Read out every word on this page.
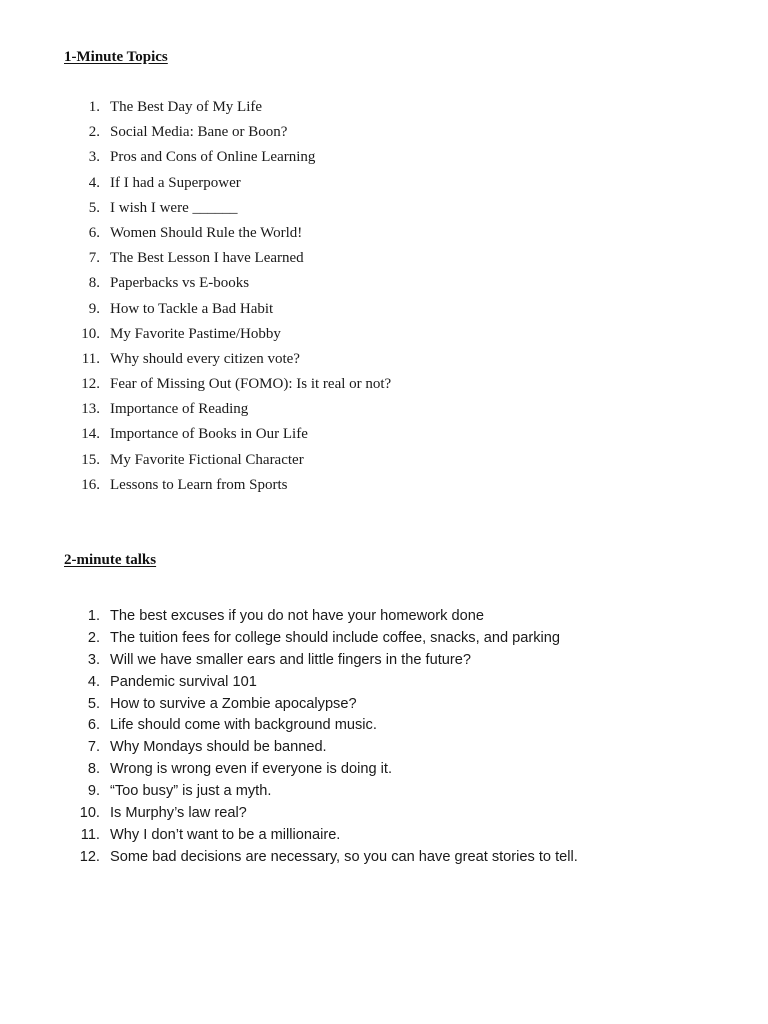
1-Minute Topics
1. The Best Day of My Life
2. Social Media: Bane or Boon?
3. Pros and Cons of Online Learning
4. If I had a Superpower
5. I wish I were ______
6. Women Should Rule the World!
7. The Best Lesson I have Learned
8. Paperbacks vs E-books
9. How to Tackle a Bad Habit
10. My Favorite Pastime/Hobby
11. Why should every citizen vote?
12. Fear of Missing Out (FOMO): Is it real or not?
13. Importance of Reading
14. Importance of Books in Our Life
15. My Favorite Fictional Character
16. Lessons to Learn from Sports
2-minute talks
1. The best excuses if you do not have your homework done
2. The tuition fees for college should include coffee, snacks, and parking
3. Will we have smaller ears and little fingers in the future?
4. Pandemic survival 101
5. How to survive a Zombie apocalypse?
6. Life should come with background music.
7. Why Mondays should be banned.
8. Wrong is wrong even if everyone is doing it.
9. “Too busy” is just a myth.
10. Is Murphy’s law real?
11. Why I don’t want to be a millionaire.
12. Some bad decisions are necessary, so you can have great stories to tell.
